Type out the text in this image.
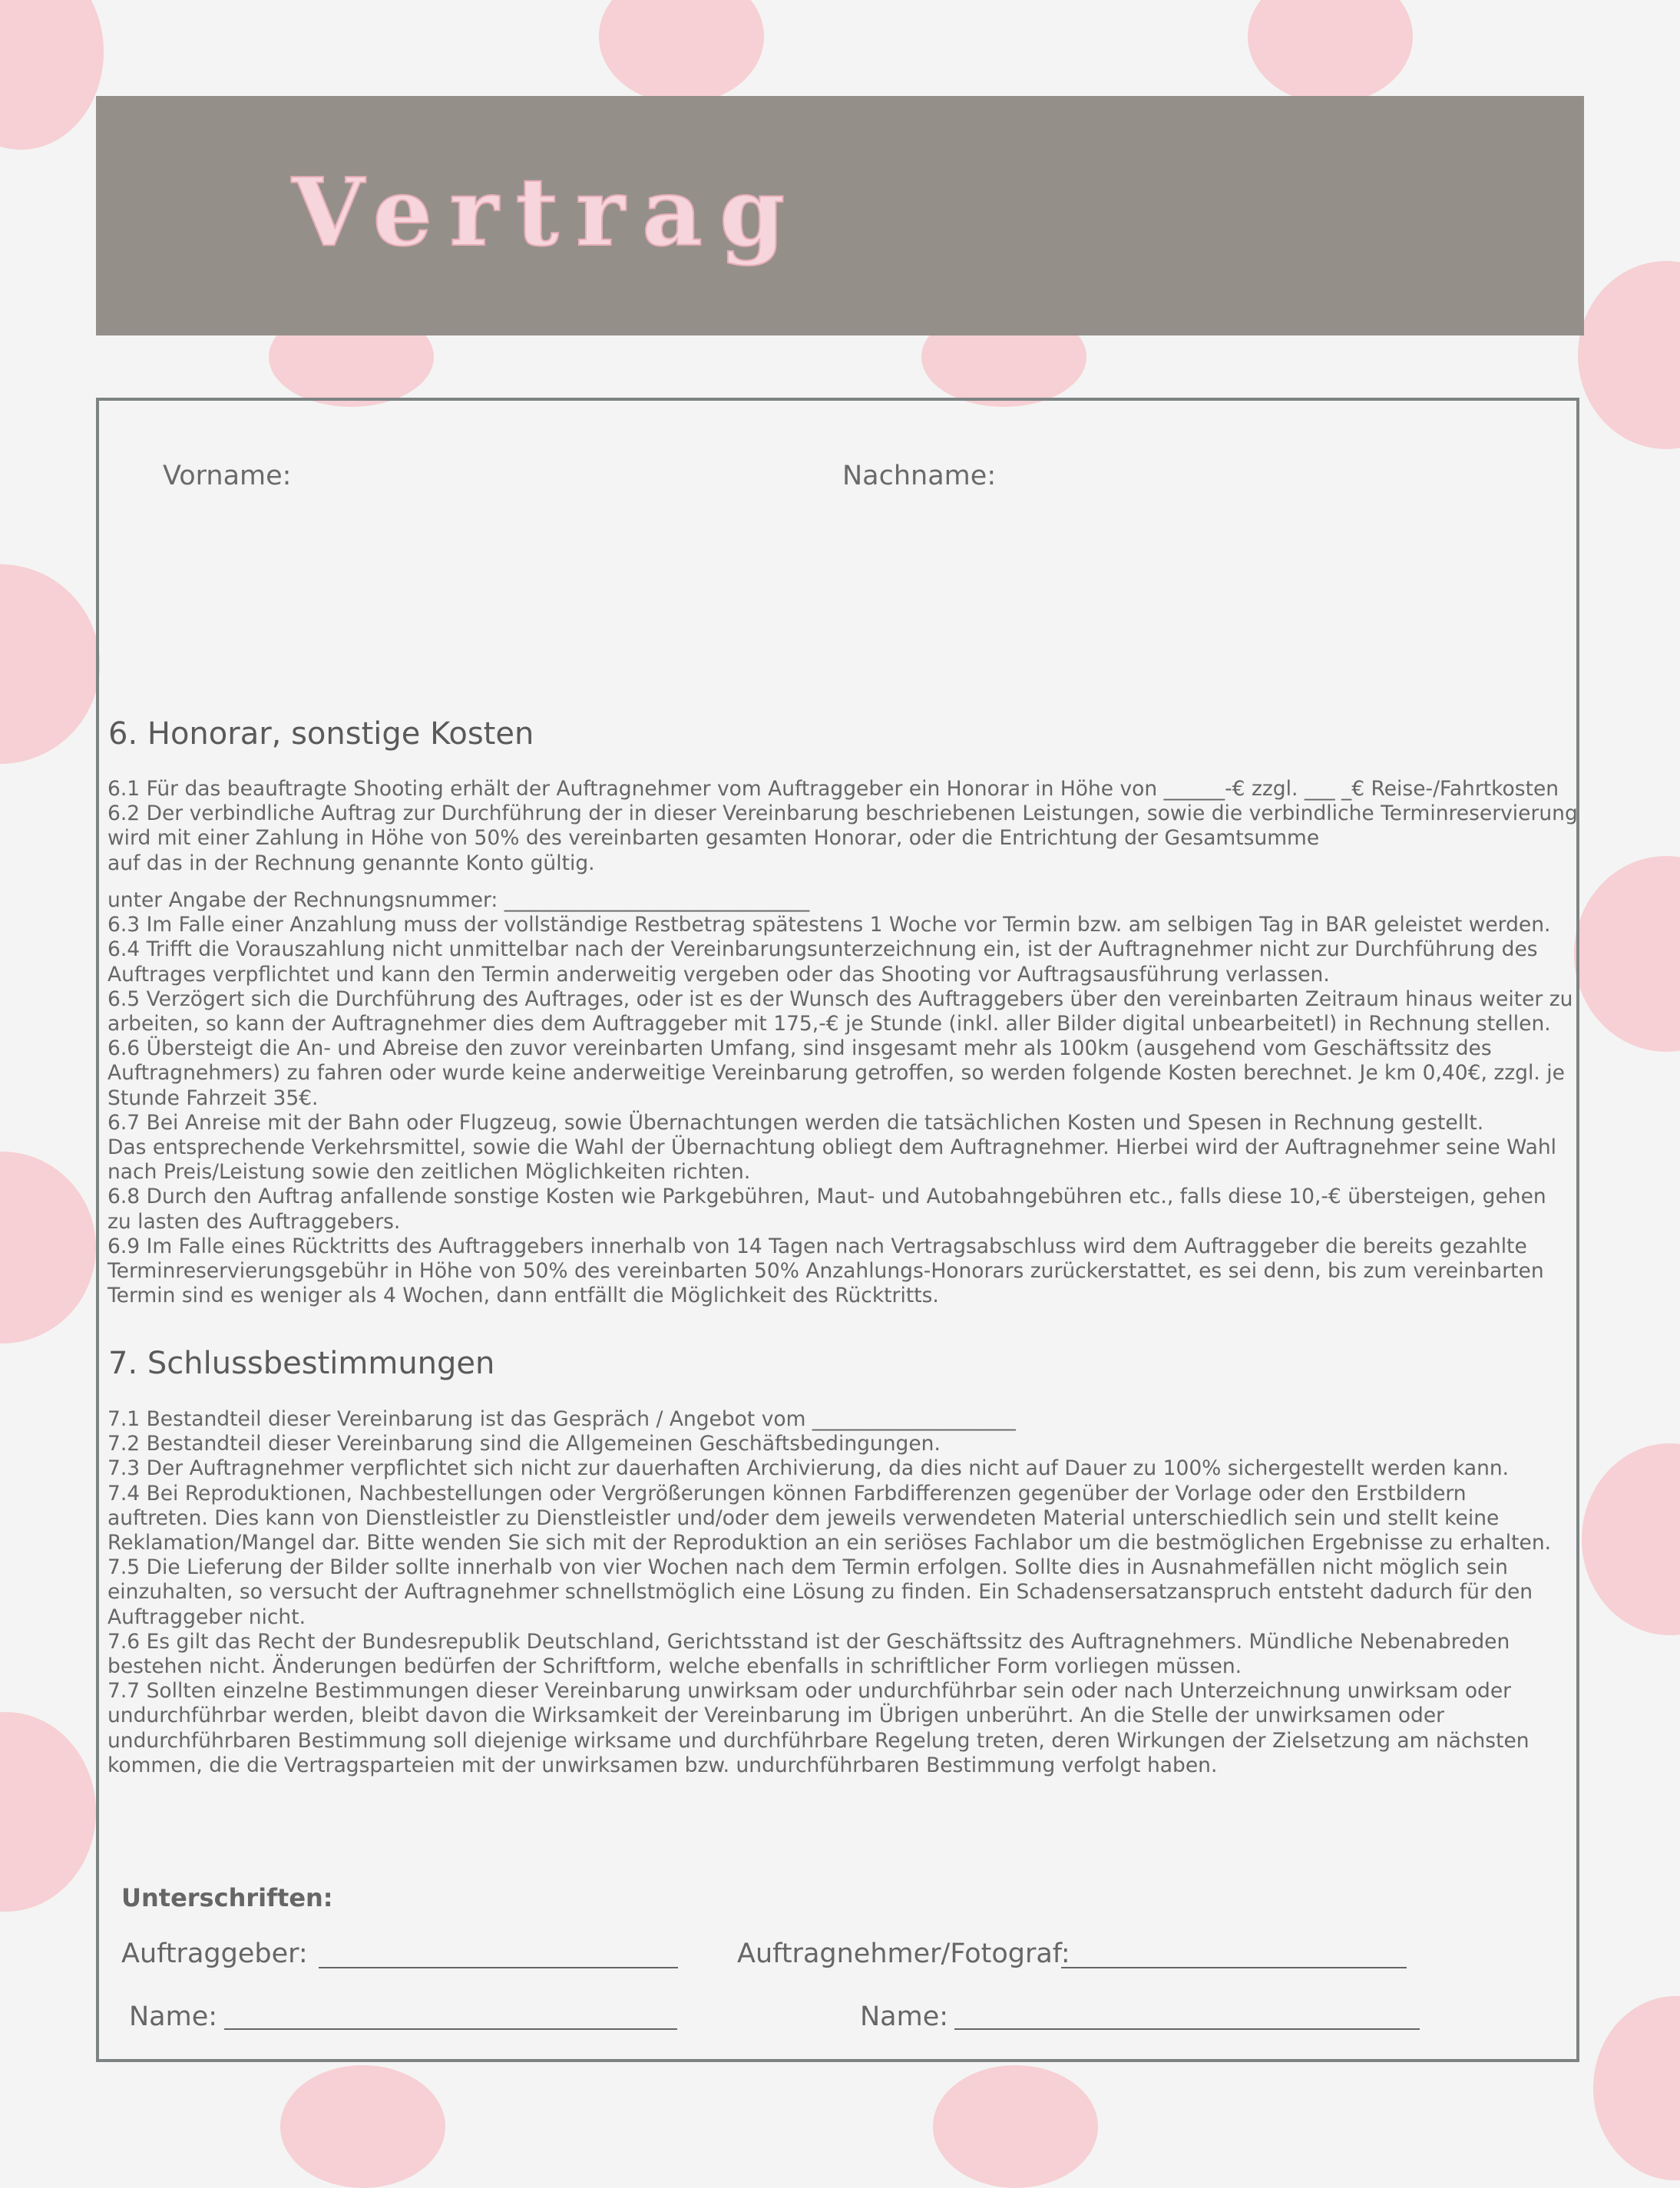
Vertrag
Vorname:	Nachname:
6. Honorar, sonstige Kosten
6.1 Für das beauftragte Shooting erhält der Auftragnehmer vom Auftraggeber ein Honorar in Höhe von ______-€ zzgl. ___ _€ Reise-/Fahrtkosten
6.2 Der verbindliche Auftrag zur Durchführung der in dieser Vereinbarung beschriebenen Leistungen, sowie die verbindliche Terminreservierung
wird mit einer Zahlung in Höhe von 50% des vereinbarten gesamten Honorar, oder die Entrichtung der Gesamtsumme
auf das in der Rechnung genannte Konto gültig.
unter Angabe der Rechnungsnummer: ______________________________
6.3 Im Falle einer Anzahlung muss der vollständige Restbetrag spätestens 1 Woche vor Termin bzw. am selbigen Tag in BAR geleistet werden.
6.4 Trifft die Vorauszahlung nicht unmittelbar nach der Vereinbarungsunterzeichnung ein, ist der Auftragnehmer nicht zur Durchführung des
Auftrages verpflichtet und kann den Termin anderweitig vergeben oder das Shooting vor Auftragsausführung verlassen.
6.5 Verzögert sich die Durchführung des Auftrages, oder ist es der Wunsch des Auftraggebers über den vereinbarten Zeitraum hinaus weiter zu
arbeiten, so kann der Auftragnehmer dies dem Auftraggeber mit 175,-€ je Stunde (inkl. aller Bilder digital unbearbeitetl) in Rechnung stellen.
6.6 Übersteigt die An- und Abreise den zuvor vereinbarten Umfang, sind insgesamt mehr als 100km (ausgehend vom Geschäftssitz des
Auftragnehmers) zu fahren oder wurde keine anderweitige Vereinbarung getroffen, so werden folgende Kosten berechnet. Je km 0,40€, zzgl. je
Stunde Fahrzeit 35€.
6.7 Bei Anreise mit der Bahn oder Flugzeug, sowie Übernachtungen werden die tatsächlichen Kosten und Spesen in Rechnung gestellt.
Das entsprechende Verkehrsmittel, sowie die Wahl der Übernachtung obliegt dem Auftragnehmer. Hierbei wird der Auftragnehmer seine Wahl
nach Preis/Leistung sowie den zeitlichen Möglichkeiten richten.
6.8 Durch den Auftrag anfallende sonstige Kosten wie Parkgebühren, Maut- und Autobahngebühren etc., falls diese 10,-€ übersteigen, gehen
zu lasten des Auftraggebers.
6.9 Im Falle eines Rücktritts des Auftraggebers innerhalb von 14 Tagen nach Vertragsabschluss wird dem Auftraggeber die bereits gezahlte
Terminreservierungsgebühr in Höhe von 50% des vereinbarten 50% Anzahlungs-Honorars zurückerstattet, es sei denn, bis zum vereinbarten
Termin sind es weniger als 4 Wochen, dann entfällt die Möglichkeit des Rücktritts.
7. Schlussbestimmungen
7.1 Bestandteil dieser Vereinbarung ist das Gespräch / Angebot vom ____________________
7.2 Bestandteil dieser Vereinbarung sind die Allgemeinen Geschäftsbedingungen.
7.3 Der Auftragnehmer verpflichtet sich nicht zur dauerhaften Archivierung, da dies nicht auf Dauer zu 100% sichergestellt werden kann.
7.4 Bei Reproduktionen, Nachbestellungen oder Vergrößerungen können Farbdifferenzen gegenüber der Vorlage oder den Erstbildern
auftreten. Dies kann von Dienstleistler zu Dienstleistler und/oder dem jeweils verwendeten Material unterschiedlich sein und stellt keine
Reklamation/Mangel dar. Bitte wenden Sie sich mit der Reproduktion an ein seriöses Fachlabor um die bestmöglichen Ergebnisse zu erhalten.
7.5 Die Lieferung der Bilder sollte innerhalb von vier Wochen nach dem Termin erfolgen. Sollte dies in Ausnahmefällen nicht möglich sein
einzuhalten, so versucht der Auftragnehmer schnellstmöglich eine Lösung zu finden. Ein Schadensersatzanspruch entsteht dadurch für den
Auftraggeber nicht.
7.6 Es gilt das Recht der Bundesrepublik Deutschland, Gerichtsstand ist der Geschäftssitz des Auftragnehmers. Mündliche Nebenabreden
bestehen nicht. Änderungen bedürfen der Schriftform, welche ebenfalls in schriftlicher Form vorliegen müssen.
7.7 Sollten einzelne Bestimmungen dieser Vereinbarung unwirksam oder undurchführbar sein oder nach Unterzeichnung unwirksam oder
undurchführbar werden, bleibt davon die Wirksamkeit der Vereinbarung im Übrigen unberührt. An die Stelle der unwirksamen oder
undurchführbaren Bestimmung soll diejenige wirksame und durchführbare Regelung treten, deren Wirkungen der Zielsetzung am nächsten
kommen, die die Vertragsparteien mit der unwirksamen bzw. undurchführbaren Bestimmung verfolgt haben.
Unterschriften:
Auftraggeber:	Auftragnehmer/Fotograf:
Name:	Name:
